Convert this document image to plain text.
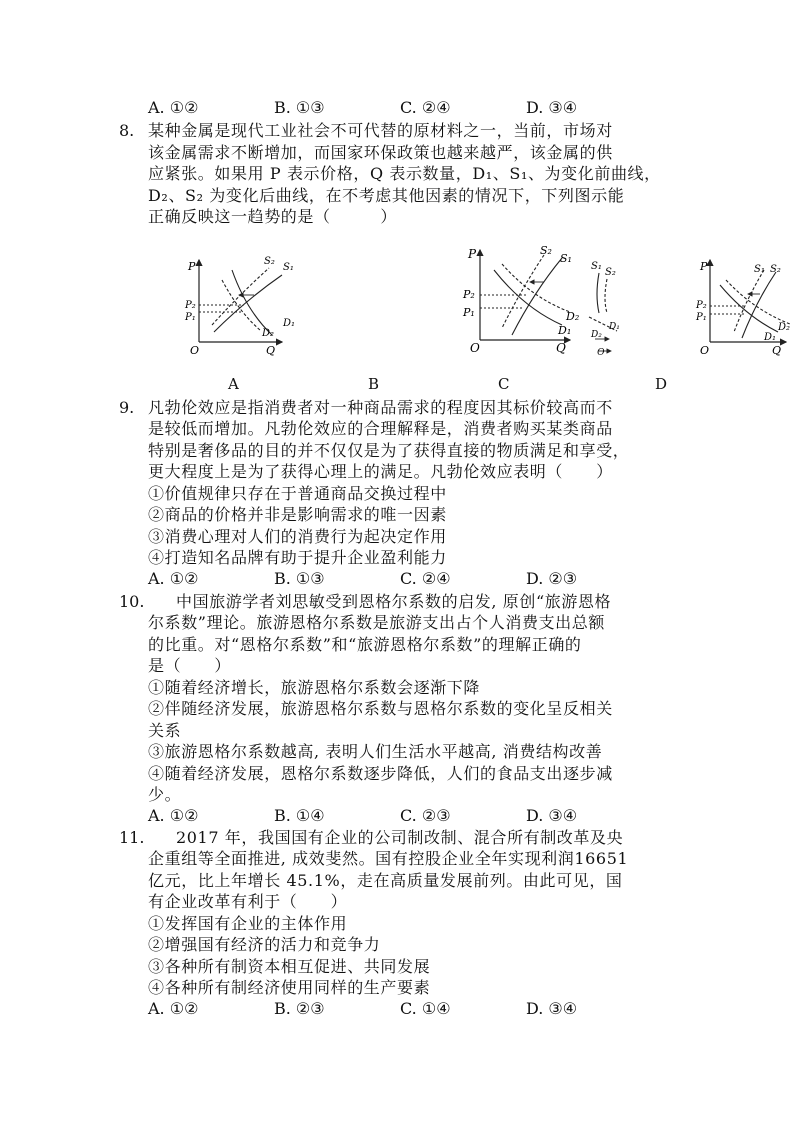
A. ①②	B. ①③	C. ②④	D. ③④
8. 某种金属是现代工业社会不可代替的原材料之一，当前，市场对
该金属需求不断增加，而国家环保政策也越来越严，该金属的供
应紧张。如果用 P 表示价格，Q 表示数量，D₁、S₁、为变化前曲线，
D₂、S₂ 为变化后曲线，在不考虑其他因素的情况下，下列图示能
正确反映这一趋势的是（　　　）
P
Q
O
S₂
S₁
P₂
P₁
D₂
D₁
P
Q
O
S₂
S₁
P₂
P₁	D₂
D₁
S₁
S₂
D₁
D₂
Q
P
Q
O
S₂
S₁
P₂
P₁
D₂
D₁
A	B	C	D
9. 凡勃伦效应是指消费者对一种商品需求的程度因其标价较高而不
是较低而增加。凡勃伦效应的合理解释是，消费者购买某类商品
特别是奢侈品的目的并不仅仅是为了获得直接的物质满足和享受，
更大程度上是为了获得心理上的满足。凡勃伦效应表明（　　）
①价值规律只存在于普通商品交换过程中
②商品的价格并非是影响需求的唯一因素
③消费心理对人们的消费行为起决定作用
④打造知名品牌有助于提升企业盈利能力
A. ①②	B. ①③	C. ②④	D. ②③
10. 中国旅游学者刘思敏受到恩格尔系数的启发, 原创“旅游恩格
尔系数”理论。旅游恩格尔系数是旅游支出占个人消费支出总额
的比重。对“恩格尔系数”和“旅游恩格尔系数”的理解正确的
是（　　）
①随着经济增长，旅游恩格尔系数会逐渐下降
②伴随经济发展，旅游恩格尔系数与恩格尔系数的变化呈反相关
关系
③旅游恩格尔系数越高, 表明人们生活水平越高, 消费结构改善
④随着经济发展，恩格尔系数逐步降低，人们的食品支出逐步减
少。
A. ①②	B. ①④	C. ②③	D. ③④
11. 2017 年，我国国有企业的公司制改制、混合所有制改革及央
企重组等全面推进, 成效斐然。国有控股企业全年实现利润16651
亿元，比上年增长 45.1%，走在高质量发展前列。由此可见，国
有企业改革有利于（　　）
①发挥国有企业的主体作用
②增强国有经济的活力和竞争力
③各种所有制资本相互促进、共同发展
④各种所有制经济使用同样的生产要素
A. ①②	B. ②③	C. ①④	D. ③④
